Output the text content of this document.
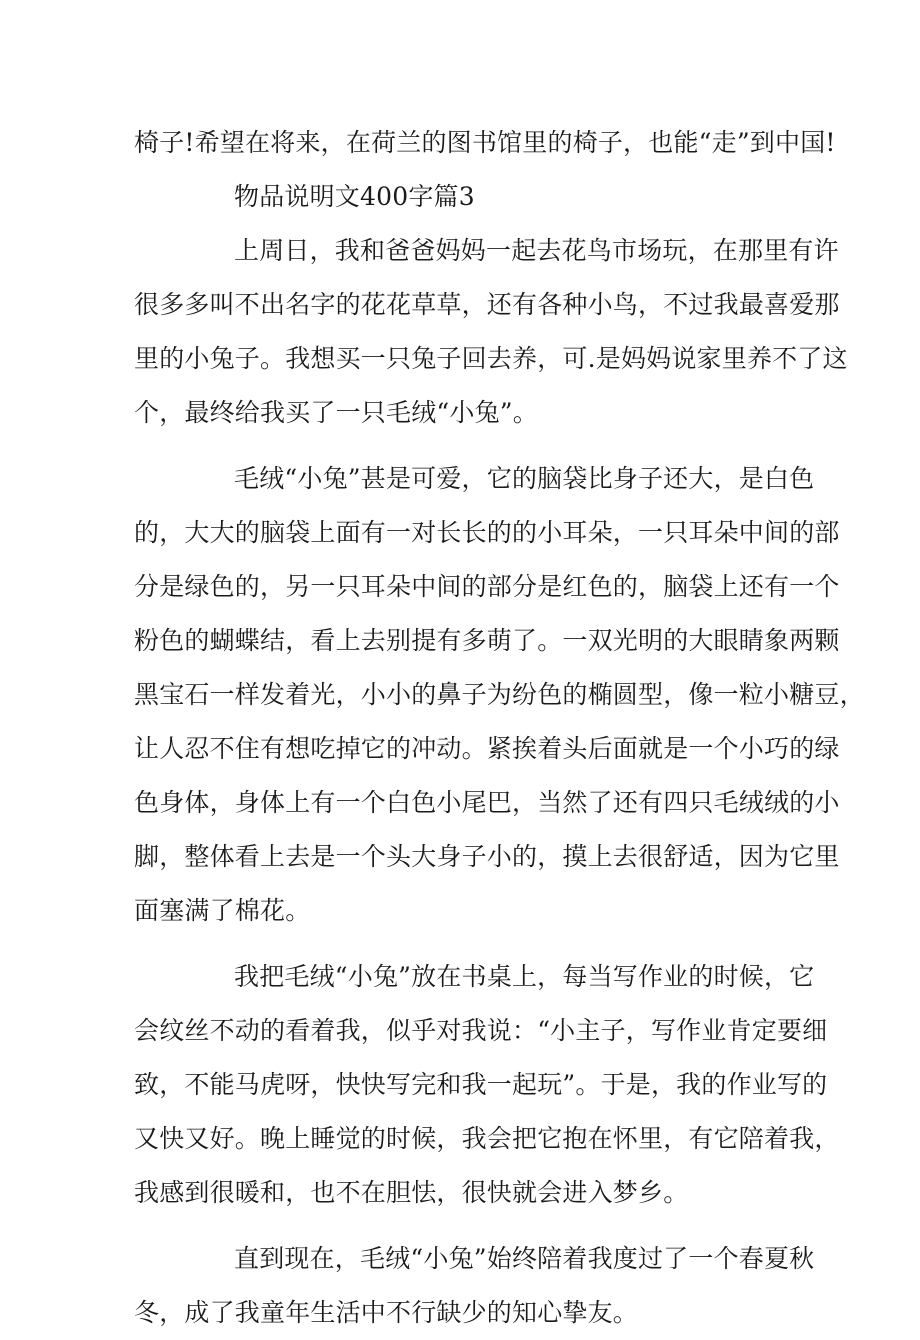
椅子!希望在将来，在荷兰的图书馆里的椅子，也能“走”到中国!
物品说明文400字篇3
上周日，我和爸爸妈妈一起去花鸟市场玩，在那里有许
很多多叫不出名字的花花草草，还有各种小鸟，不过我最喜爱那
里的小兔子。我想买一只兔子回去养，可.是妈妈说家里养不了这
个，最终给我买了一只毛绒“小兔”。
毛绒“小兔”甚是可爱，它的脑袋比身子还大，是白色
的，大大的脑袋上面有一对长长的的小耳朵，一只耳朵中间的部
分是绿色的，另一只耳朵中间的部分是红色的，脑袋上还有一个
粉色的蝴蝶结，看上去别提有多萌了。一双光明的大眼睛象两颗
黑宝石一样发着光，小小的鼻子为纷色的椭圆型，像一粒小糖豆，
让人忍不住有想吃掉它的冲动。紧挨着头后面就是一个小巧的绿
色身体，身体上有一个白色小尾巴，当然了还有四只毛绒绒的小
脚，整体看上去是一个头大身子小的，摸上去很舒适，因为它里
面塞满了棉花。
我把毛绒“小兔”放在书桌上，每当写作业的时候，它
会纹丝不动的看着我，似乎对我说：“小主子，写作业肯定要细
致，不能马虎呀，快快写完和我一起玩”。于是，我的作业写的
又快又好。晚上睡觉的时候，我会把它抱在怀里，有它陪着我，
我感到很暖和，也不在胆怯，很快就会进入梦乡。
直到现在，毛绒“小兔”始终陪着我度过了一个春夏秋
冬，成了我童年生活中不行缺少的知心挚友。
